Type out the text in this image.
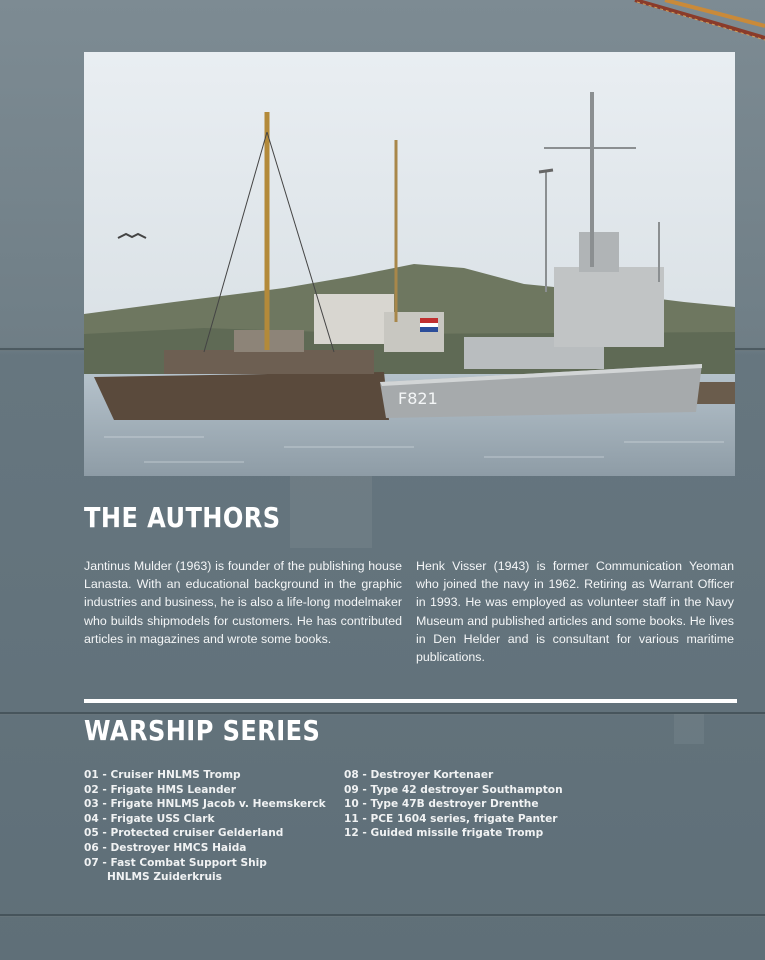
F821
THE AUTHORS

Jantinus Mulder (1963) is founder of the publishing house Lanasta. With an educational background in the graphic industries and business, he is also a life-long modelmaker who builds shipmodels for customers. He has contributed articles in magazines and wrote some books.

Henk Visser (1943) is former Communication Yeoman who joined the navy in 1962. Retiring as Warrant Officer in 1993. He was employed as volunteer staff in the Navy Museum and published articles and some books. He lives in Den Helder and is consultant for various maritime publications.

WARSHIP SERIES
01 - Cruiser HNLMS Tromp
02 - Frigate HMS Leander
03 - Frigate HNLMS Jacob v. Heemskerck
04 - Frigate USS Clark
05 - Protected cruiser Gelderland
06 - Destroyer HMCS Haida
07 - Fast Combat Support Ship
HNLMS Zuiderkruis
08 - Destroyer Kortenaer
09 - Type 42 destroyer Southampton
10 - Type 47B destroyer Drenthe
11 - PCE 1604 series, frigate Panter
12 - Guided missile frigate Tromp
